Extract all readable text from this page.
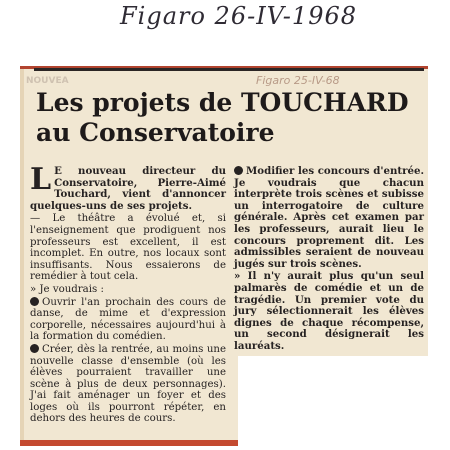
Figaro 26-IV-1968
NOUVEA	Figaro 25-IV-68
Les projets de TOUCHARD au Conservatoire

L E nouveau directeur du Conservatoire, Pierre-Aimé Touchard, vient d'annoncer quelques-uns de ses projets.

— Le théâtre a évolué et, si l'enseignement que prodiguent nos professeurs est excellent, il est incomplet. En outre, nos locaux sont insuffisants. Nous essaierons de remédier à tout cela.

» Je voudrais :

Ouvrir l'an prochain des cours de danse, de mime et d'expression corporelle, nécessaires aujourd'hui à la formation du comédien.

Créer, dès la rentrée, au moins une nouvelle classe d'ensemble (où les élèves pourraient travailler une scène à plus de deux personnages). J'ai fait aménager un foyer et des loges où ils pourront répéter, en dehors des heures de cours.

Modifier les concours d'entrée. Je voudrais que chacun interprète trois scènes et subisse un interrogatoire de culture générale. Après cet examen par les professeurs, aurait lieu le concours proprement dit. Les admissibles seraient de nouveau jugés sur trois scènes.

» Il n'y aurait plus qu'un seul palmarès de comédie et un de tragédie. Un premier vote du jury sélectionnerait les élèves dignes de chaque récompense, un second désignerait les lauréats.
